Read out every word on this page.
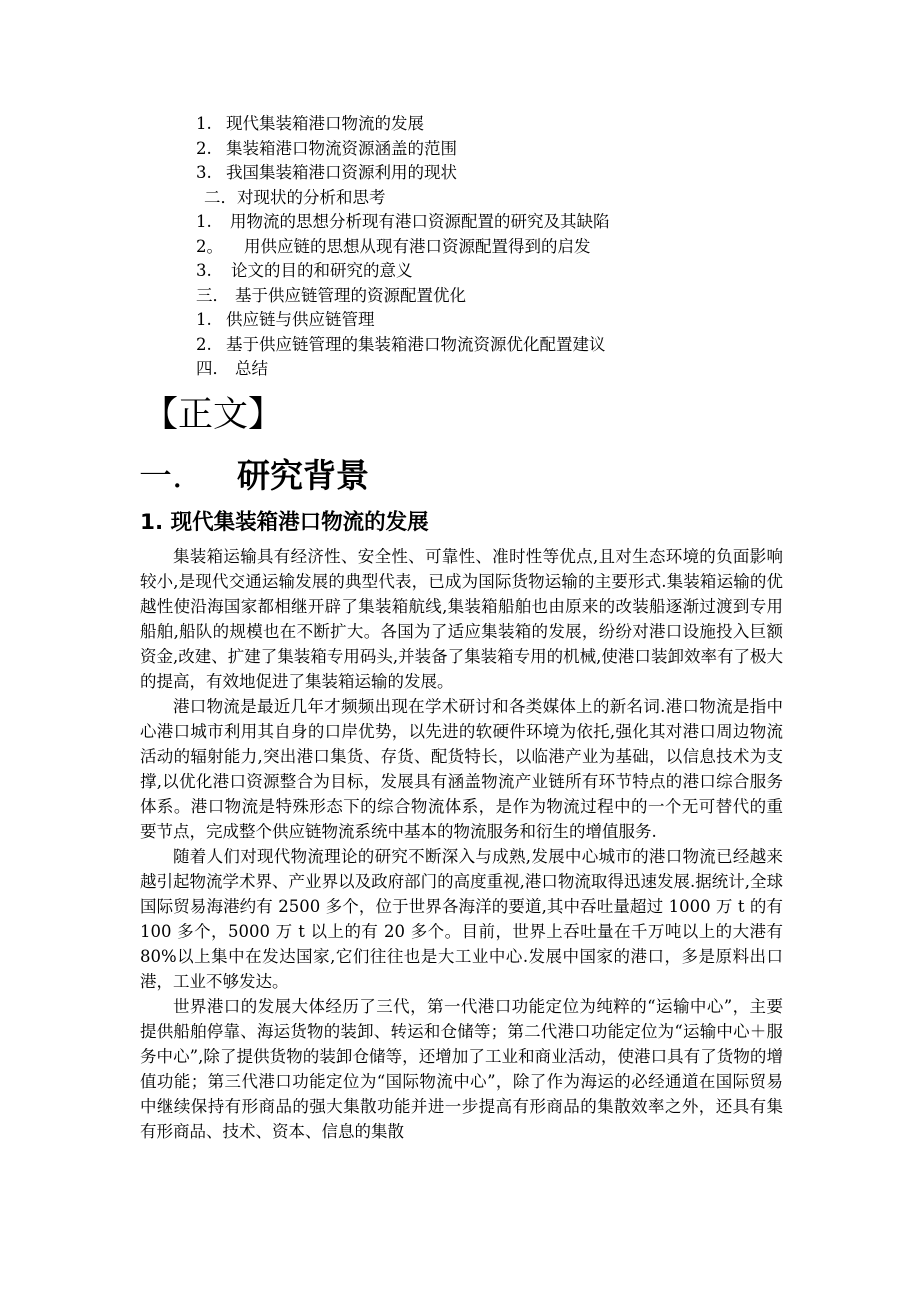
1. 现代集装箱港口物流的发展
2. 集装箱港口物流资源涵盖的范围
3. 我国集装箱港口资源利用的现状
二．对现状的分析和思考
1. 用物流的思想分析现有港口资源配置的研究及其缺陷
2。 用供应链的思想从现有港口资源配置得到的启发
3. 论文的目的和研究的意义
三． 基于供应链管理的资源配置优化
1. 供应链与供应链管理
2. 基于供应链管理的集装箱港口物流资源优化配置建议
四． 总结
【正文】
一. 研究背景
1. 现代集装箱港口物流的发展

集装箱运输具有经济性、安全性、可靠性、准时性等优点,且对生态环境的负面影响较小,是现代交通运输发展的典型代表，已成为国际货物运输的主要形式.集装箱运输的优越性使沿海国家都相继开辟了集装箱航线,集装箱船舶也由原来的改装船逐渐过渡到专用船舶,船队的规模也在不断扩大。各国为了适应集装箱的发展，纷纷对港口设施投入巨额资金,改建、扩建了集装箱专用码头,并装备了集装箱专用的机械,使港口装卸效率有了极大的提高，有效地促进了集装箱运输的发展。

港口物流是最近几年才频频出现在学术研讨和各类媒体上的新名词.港口物流是指中心港口城市利用其自身的口岸优势，以先进的软硬件环境为依托,强化其对港口周边物流活动的辐射能力,突出港口集货、存货、配货特长，以临港产业为基础，以信息技术为支撑,以优化港口资源整合为目标，发展具有涵盖物流产业链所有环节特点的港口综合服务体系。港口物流是特殊形态下的综合物流体系，是作为物流过程中的一个无可替代的重要节点，完成整个供应链物流系统中基本的物流服务和衍生的增值服务.

随着人们对现代物流理论的研究不断深入与成熟,发展中心城市的港口物流已经越来越引起物流学术界、产业界以及政府部门的高度重视,港口物流取得迅速发展.据统计,全球国际贸易海港约有 2500 多个，位于世界各海洋的要道,其中吞吐量超过 1000 万 t 的有 100 多个，5000 万 t 以上的有 20 多个。目前，世界上吞吐量在千万吨以上的大港有 80%以上集中在发达国家,它们往往也是大工业中心.发展中国家的港口，多是原料出口港，工业不够发达。

世界港口的发展大体经历了三代，第一代港口功能定位为纯粹的“运输中心”，主要提供船舶停靠、海运货物的装卸、转运和仓储等；第二代港口功能定位为“运输中心＋服务中心”,除了提供货物的装卸仓储等，还增加了工业和商业活动，使港口具有了货物的增值功能；第三代港口功能定位为“国际物流中心”，除了作为海运的必经通道在国际贸易中继续保持有形商品的强大集散功能并进一步提高有形商品的集散效率之外，还具有集有形商品、技术、资本、信息的集散
